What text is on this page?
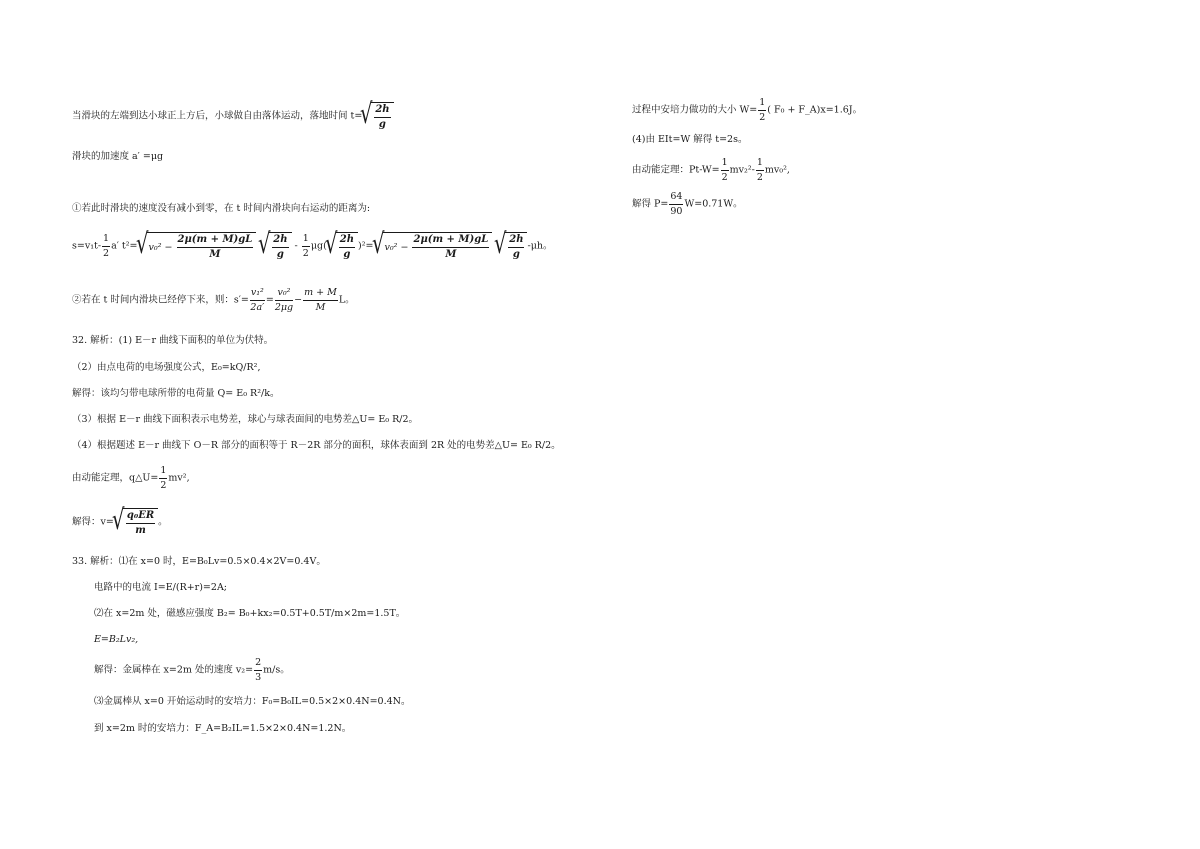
当滑块的左端到达小球正上方后，小球做自由落体运动，落地时间 t=
√ $\frac{2h}{g}$
滑块的加速度 a′ =μg
①若此时滑块的速度没有减小到零，在 t 时间内滑块向右运动的距离为:
$s=v_1t- \frac{1}{2} a'$ t²=√ $v_0^2 - \frac{2\mu(m + M)gL}{M}$
√ $\frac{2h}{g} - \frac{1}{2} \mu g$(
√ $\frac{2h}{g} )^2=√$ $v_0^2 - \frac{2\mu(m + M)gL}{M}$
√ $\frac{2h}{g} -\mu h$。
②若在 t 时间内滑块已经停下来，则：$s'= \frac{\text{v₁²}}{2a'} = \frac{\text{v₀²}}{2\mu g} - \frac{m + M}{M}$ L。
32. 解析：(1) E－r 曲线下面积的单位为伏特。
（2）由点电荷的电场强度公式，E₀=kQ/R²,
解得：该均匀带电球所带的电荷量 Q= E₀ R²/k。
（3）根据 E－r 曲线下面积表示电势差，球心与球表面间的电势差△U= E₀ R/2。
（4）根据题述 E－r 曲线下 O－R 部分的面积等于 R－2R 部分的面积，球体表面到 2R 处的电势差△U= E₀ R/2。
由动能定理，q△U= $\frac{1}{2} mv^2$,
解得：v=
√ $\frac{\text{q₀ER}}{m}$ 。
33. 解析：⑴在 x=0 时，E=B₀Lv=0.5×0.4×2V=0.4V。
电路中的电流 I=E/(R+r)=2A;
⑵在 x=2m 处，磁感应强度 B₂= B₀+kx₂=0.5T+0.5T/m×2m=1.5T。
E=B₂Lv₂,
解得：金属棒在 x=2m 处的速度 $v_2= \frac{2}{3} m/s$。
⑶金属棒从 x=0 开始运动时的安培力：F₀=B₀IL=0.5×2×0.4N=0.4N。
到 x=2m 时的安培力：F_A=B₂IL=1.5×2×0.4N=1.2N。
过程中安培力做功的大小 $W= \frac{1}{2}$ ( F₀ + F_A)x=1.6J。
(4)由 EIt=W 解得 t=2s。
由动能定理：$Pt-W= \frac{1}{2} mv_2^2- \frac{1}{2} mv_0^2$,
解得 $P= \frac{64}{90} W=0.71W$。
